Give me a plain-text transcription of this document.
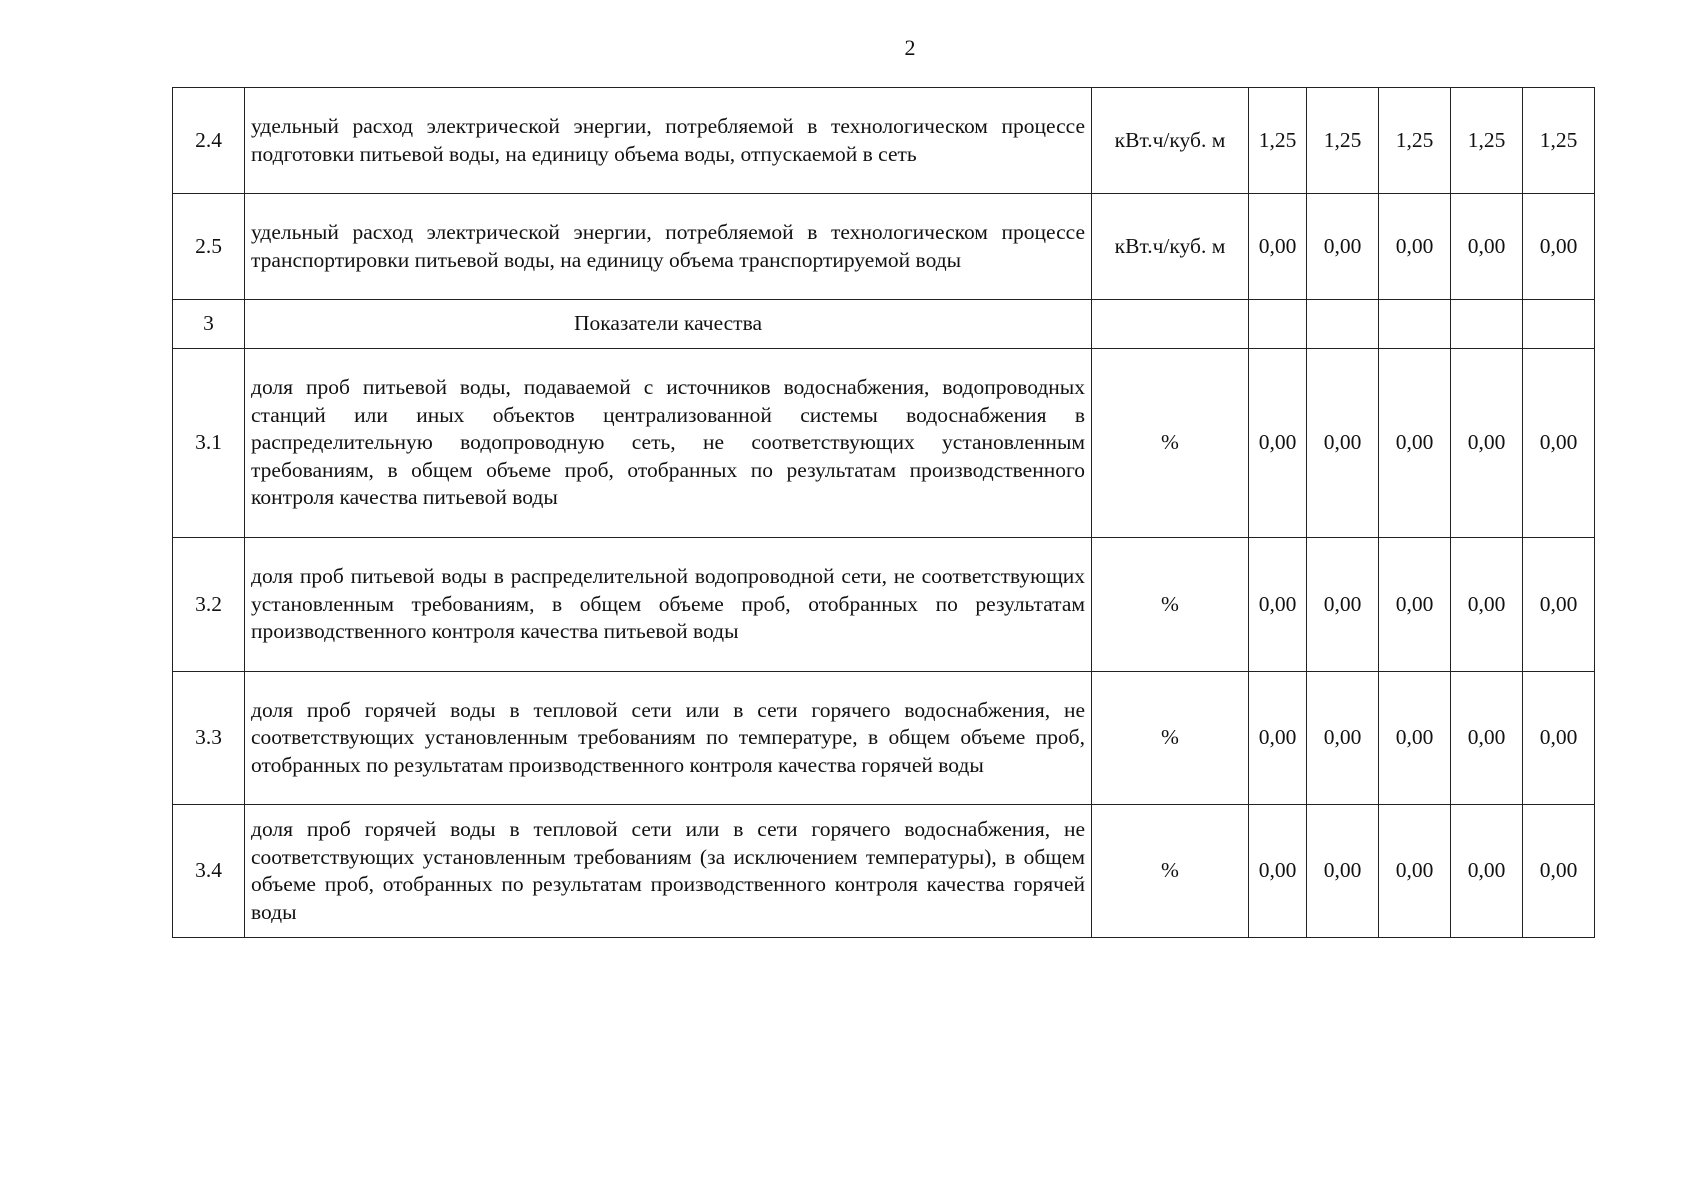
2
2.4	удельный расход электрической энергии, потребляемой в технологическом процессе подготовки питьевой воды, на единицу объема воды, отпускаемой в сеть	кВт.ч/куб. м	1,25	1,25	1,25	1,25	1,25
2.5	удельный расход электрической энергии, потребляемой в технологическом процессе транспортировки питьевой воды, на единицу объема транспортируемой воды	кВт.ч/куб. м	0,00	0,00	0,00	0,00	0,00
3	Показатели качества						
3.1	доля проб питьевой воды, подаваемой с источников водоснабжения, водопроводных станций или иных объектов централизованной системы водоснабжения в распределительную водопроводную сеть, не соответствующих установленным требованиям, в общем объеме проб, отобранных по результатам производственного контроля качества питьевой воды	%	0,00	0,00	0,00	0,00	0,00
3.2	доля проб питьевой воды в распределительной водопроводной сети, не соответствующих установленным требованиям, в общем объеме проб, отобранных по результатам производственного контроля качества питьевой воды	%	0,00	0,00	0,00	0,00	0,00
3.3	доля проб горячей воды в тепловой сети или в сети горячего водоснабжения, не соответствующих установленным требованиям по температуре, в общем объеме проб, отобранных по результатам производственного контроля качества горячей воды	%	0,00	0,00	0,00	0,00	0,00
3.4	доля проб горячей воды в тепловой сети или в сети горячего водоснабжения, не соответствующих установленным требованиям (за исключением температуры), в общем объеме проб, отобранных по результатам производственного контроля качества горячей воды	%	0,00	0,00	0,00	0,00	0,00
